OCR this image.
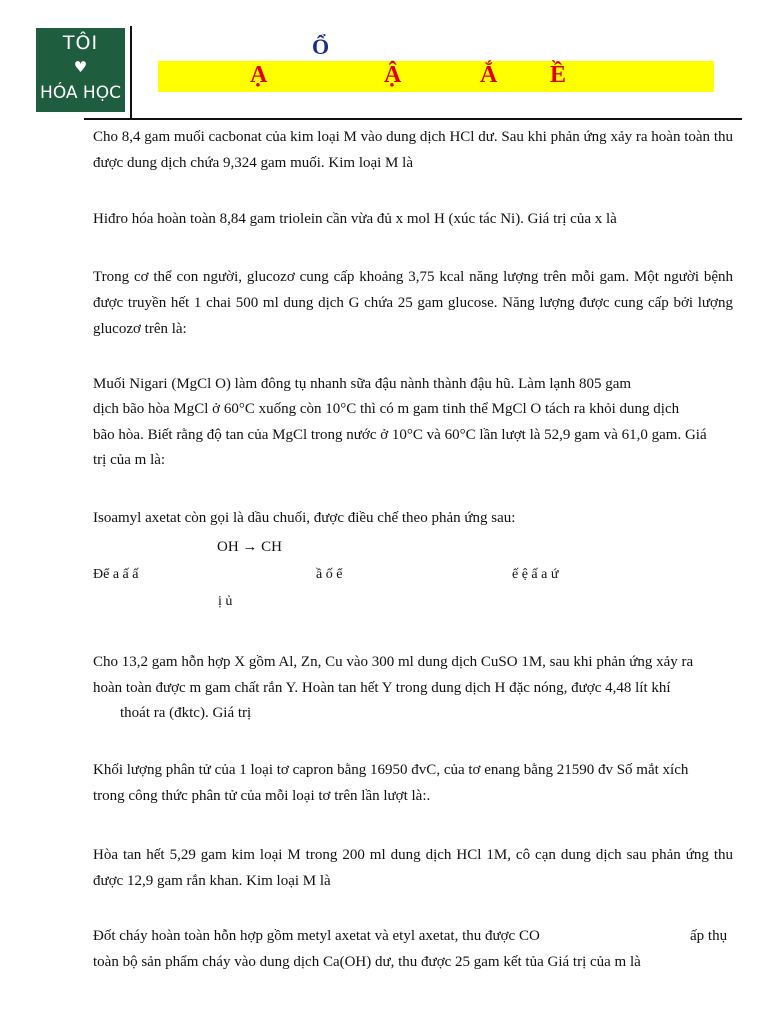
TÔI
♥
HÓA HỌC
Ổ
Ạ	Ậ	Ắ Ề
Cho 8,4 gam muối cacbonat của kim loại M vào dung dịch HCl dư. Sau khi phản ứng xảy ra hoàn toàn thu được dung dịch chứa 9,324 gam muối. Kim loại M là
Hiđro hóa hoàn toàn 8,84 gam triolein cần vừa đủ x mol H (xúc tác Ni). Giá trị của x là
Trong cơ thể con người, glucozơ cung cấp khoảng 3,75 kcal năng lượng trên mỗi gam. Một người bệnh được truyền hết 1 chai 500 ml dung dịch G chứa 25 gam glucose. Năng lượng được cung cấp bởi lượng glucozơ trên là:
Muối Nigari (MgCl O) làm đông tụ nhanh sữa đậu nành thành đậu hũ. Làm lạnh 805 gam
dịch bão hòa MgCl ở 60°C xuống còn 10°C thì có m gam tinh thể MgCl O tách ra khỏi dung dịch
bão hòa. Biết rằng độ tan của MgCl trong nước ở 10°C và 60°C lần lượt là 52,9 gam và 61,0 gam. Giá
trị của m là:
Isoamyl axetat còn gọi là dầu chuối, được điều chế theo phản ứng sau:
OH → CH
Để a ấ ấ	ầ ố ể	ế ệ ấ a ứ
ị ủ
Cho 13,2 gam hỗn hợp X gồm Al, Zn, Cu vào 300 ml dung dịch CuSO 1M, sau khi phản ứng xảy ra
hoàn toàn được m gam chất rắn Y. Hoàn tan hết Y trong dung dịch H đặc nóng, được 4,48 lít khí
thoát ra (đktc). Giá trị
Khối lượng phân tử của 1 loại tơ capron bằng 16950 đvC, của tơ enang bằng 21590 đv Số mắt xích
trong công thức phân tử của mỗi loại tơ trên lần lượt là:.
Hòa tan hết 5,29 gam kim loại M trong 200 ml dung dịch HCl 1M, cô cạn dung dịch sau phản ứng thu được 12,9 gam rắn khan. Kim loại M là
Đốt cháy hoàn toàn hỗn hợp gồm metyl axetat và etyl axetat, thu được CO	ấp thụ
toàn bộ sản phẩm cháy vào dung dịch Ca(OH) dư, thu được 25 gam kết tủa Giá trị của m là
